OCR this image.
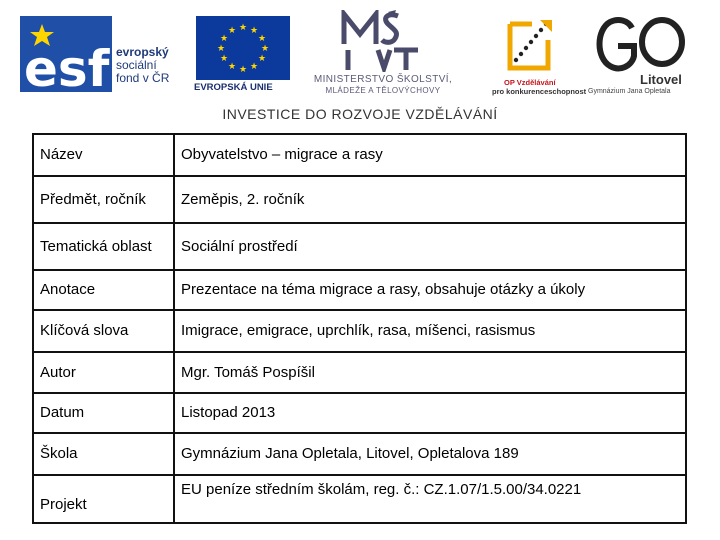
esf evropský
sociální
fond v ČR
★ ★
★
★
★
★
★
★
★
★
★
★
EVROPSKÁ UNIE
MINISTERSTVO ŠKOLSTVÍ,
MLÁDEŽE A TĚLOVÝCHOVY
OP Vzdělávání
pro konkurenceschopnost
Litovel
Gymnázium Jana Opletala
INVESTICE DO ROZVOJE VZDĚLÁVÁNÍ
Název	Obyvatelstvo – migrace a rasy
Předmět, ročník	Zeměpis, 2. ročník
Tematická oblast	Sociální prostředí
Anotace	Prezentace na téma migrace a rasy, obsahuje otázky a úkoly
Klíčová slova	Imigrace, emigrace, uprchlík, rasa, míšenci, rasismus
Autor	Mgr. Tomáš Pospíšil
Datum	Listopad 2013
Škola	Gymnázium Jana Opletala, Litovel, Opletalova 189
Projekt	EU peníze středním školám, reg. č.: CZ.1.07/1.5.00/34.0221
